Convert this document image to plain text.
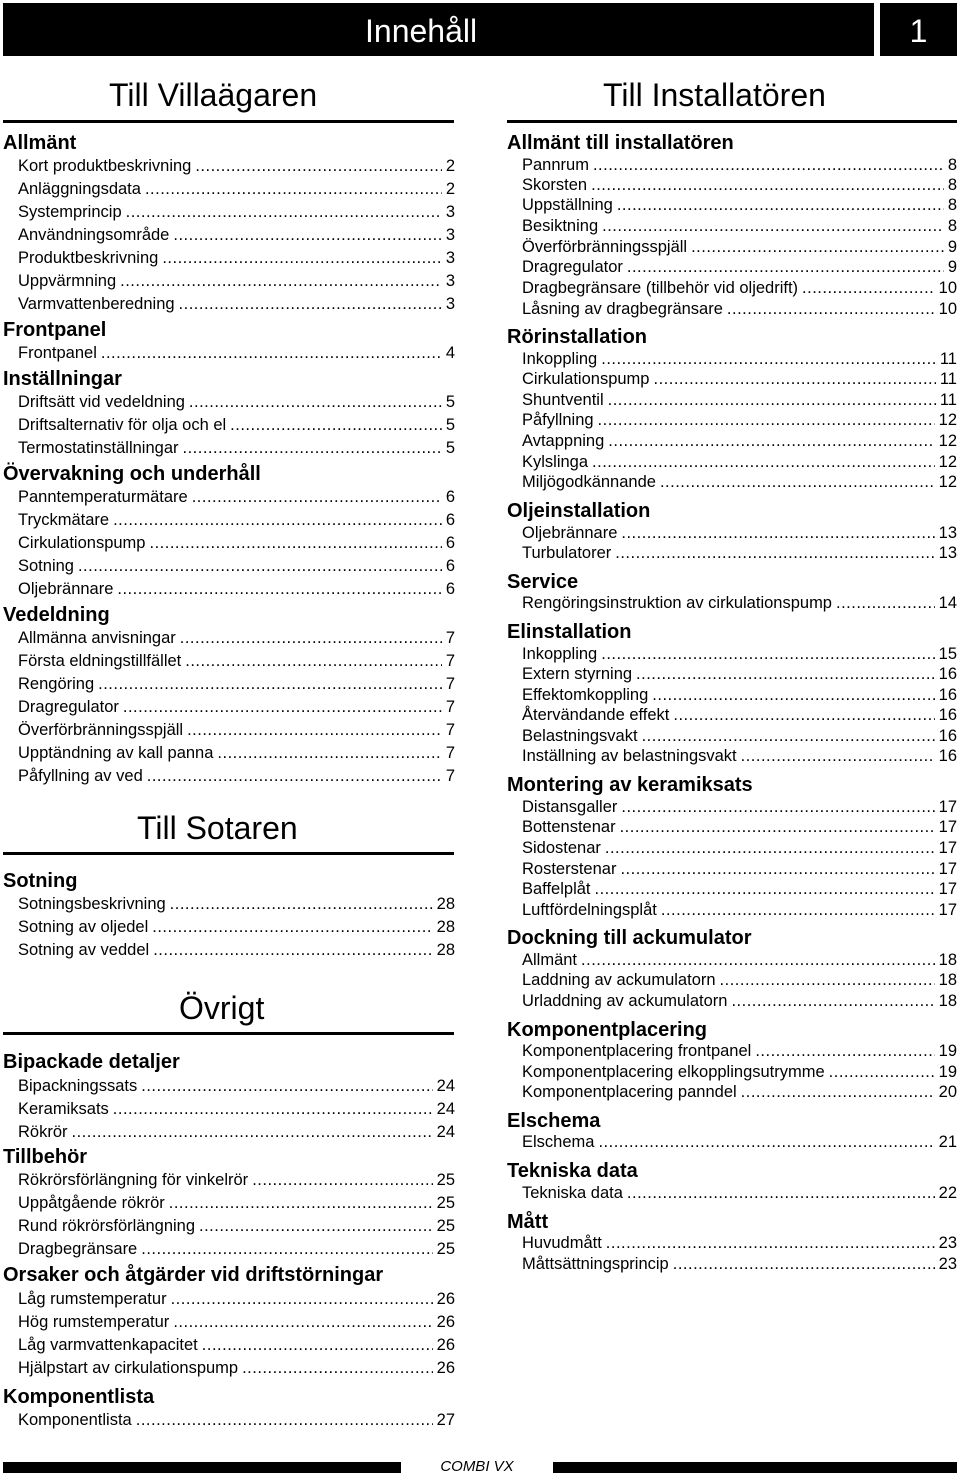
Innehåll	1
Till Villaägaren
Allmänt
Kort produktbeskrivning .....	2
Anläggningsdata .....	2
Systemprincip .....	3
Användningsområde .....	3
Produktbeskrivning .....	3
Uppvärmning .....	3
Varmvattenberedning .....	3
Frontpanel
Frontpanel .....	4
Inställningar
Driftsätt vid vedeldning .....	5
Driftsalternativ för olja och el .....	5
Termostatinställningar .....	5
Övervakning och underhåll
Panntemperaturmätare .....	6
Tryckmätare .....	6
Cirkulationspump .....	6
Sotning .....	6
Oljebrännare .....	6
Vedeldning
Allmänna anvisningar .....	7
Första eldningstillfället .....	7
Rengöring .....	7
Dragregulator .....	7
Överförbränningsspjäll .....	7
Upptändning av kall panna .....	7
Påfyllning av ved .....	7
Till Sotaren
Sotning
Sotningsbeskrivning .....	28
Sotning av oljedel .....	28
Sotning av veddel .....	28
Övrigt
Bipackade detaljer
Bipackningssats .....	24
Keramiksats .....	24
Rökrör .....	24
Tillbehör
Rökrörsförlängning för vinkelrör .....	25
Uppåtgående rökrör .....	25
Rund rökrörsförlängning .....	25
Dragbegränsare .....	25
Orsaker och åtgärder vid driftstörningar
Låg rumstemperatur .....	26
Hög rumstemperatur .....	26
Låg varmvattenkapacitet .....	26
Hjälpstart av cirkulationspump .....	26
Komponentlista
Komponentlista .....	27
Till Installatören
Allmänt till installatören
Pannrum .....	8
Skorsten .....	8
Uppställning .....	8
Besiktning .....	8
Överförbränningsspjäll .....	9
Dragregulator .....	9
Dragbegränsare (tillbehör vid oljedrift) .....	10
Låsning av dragbegränsare .....	10
Rörinstallation
Inkoppling .....	11
Cirkulationspump .....	11
Shuntventil .....	11
Påfyllning .....	12
Avtappning .....	12
Kylslinga .....	12
Miljögodkännande .....	12
Oljeinstallation
Oljebrännare .....	13
Turbulatorer .....	13
Service
Rengöringsinstruktion av cirkulationspump .....	14
Elinstallation
Inkoppling .....	15
Extern styrning .....	16
Effektomkoppling .....	16
Återvändande effekt .....	16
Belastningsvakt .....	16
Inställning av belastningsvakt .....	16
Montering av keramiksats
Distansgaller .....	17
Bottenstenar .....	17
Sidostenar .....	17
Rosterstenar .....	17
Baffelplåt .....	17
Luftfördelningsplåt .....	17
Dockning till ackumulator
Allmänt .....	18
Laddning av ackumulatorn .....	18
Urladdning av ackumulatorn .....	18
Komponentplacering
Komponentplacering frontpanel .....	19
Komponentplacering elkopplingsutrymme .....	19
Komponentplacering panndel .....	20
Elschema
Elschema .....	21
Tekniska data
Tekniska data .....	22
Mått
Huvudmått .....	23
Måttsättningsprincip .....	23
COMBI VX
